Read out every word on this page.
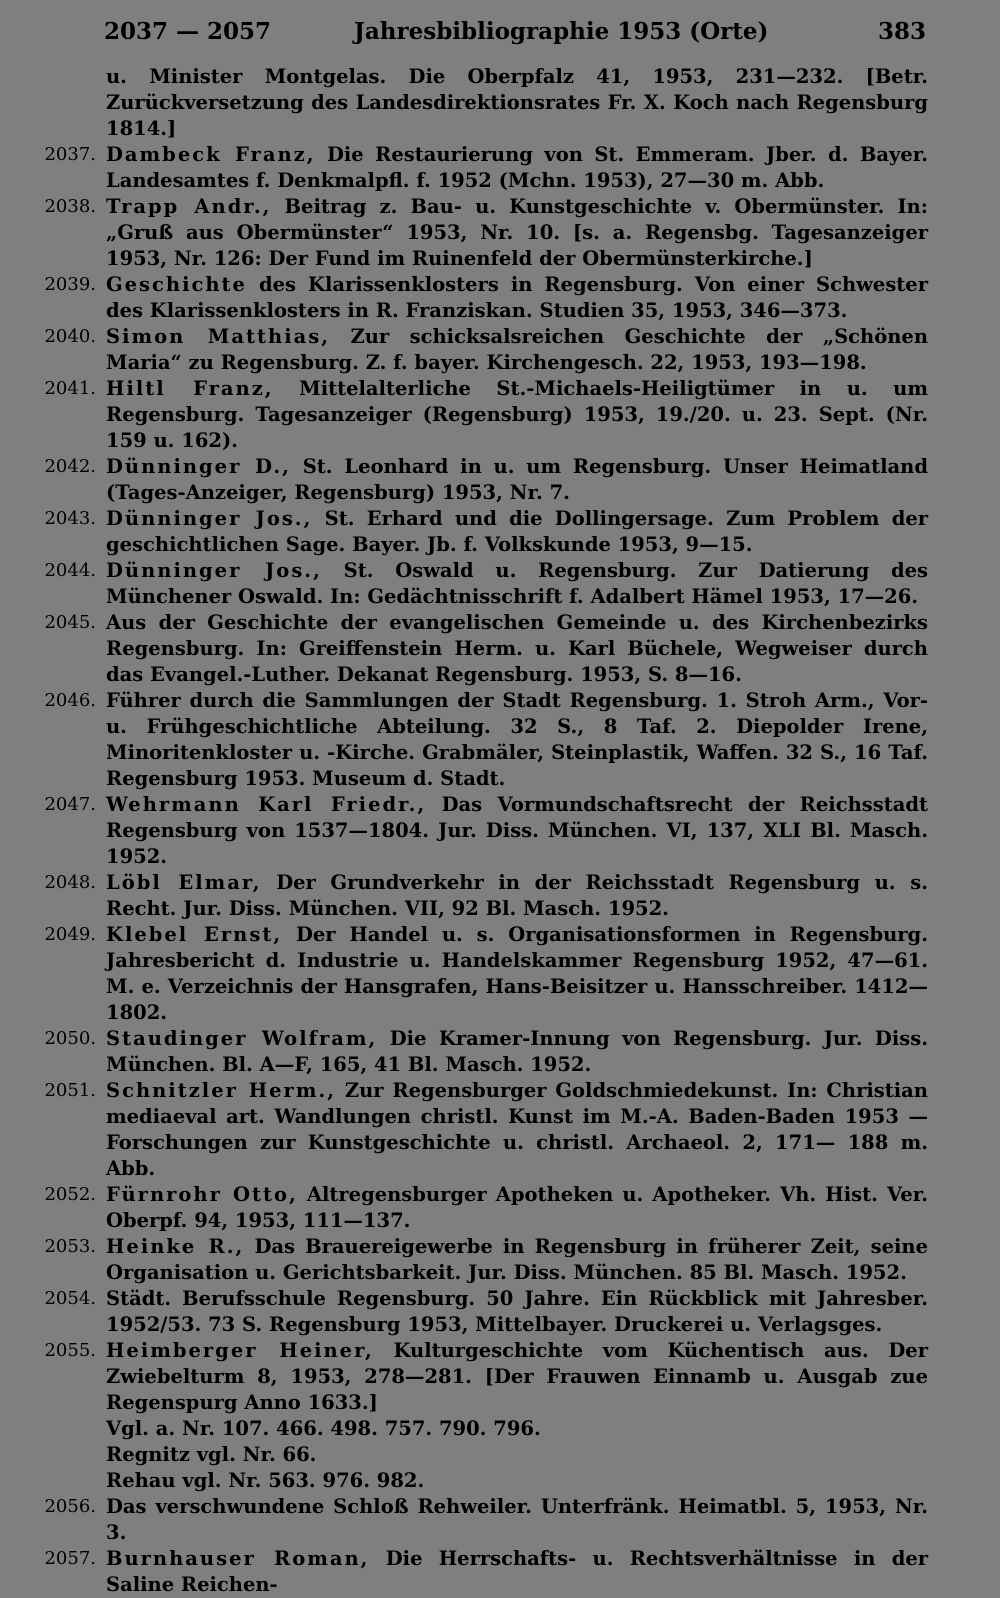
2037 — 2057	Jahresbibliographie 1953 (Orte)	383
u. Minister Montgelas. Die Oberpfalz 41, 1953, 231—232. [Betr. Zurückversetzung des Landesdirektionsrates Fr. X. Koch nach Regensburg 1814.]
2037. Dambeck Franz, Die Restaurierung von St. Emmeram. Jber. d. Bayer. Landesamtes f. Denkmalpfl. f. 1952 (Mchn. 1953), 27—30 m. Abb.
2038. Trapp Andr., Beitrag z. Bau- u. Kunstgeschichte v. Obermünster. In: „Gruß aus Obermünster“ 1953, Nr. 10. [s. a. Regensbg. Tagesanzeiger 1953, Nr. 126: Der Fund im Ruinenfeld der Obermünsterkirche.]
2039. Geschichte des Klarissenklosters in Regensburg. Von einer Schwester des Klarissenklosters in R. Franziskan. Studien 35, 1953, 346—373.
2040. Simon Matthias, Zur schicksalsreichen Geschichte der „Schönen Maria“ zu Regensburg. Z. f. bayer. Kirchengesch. 22, 1953, 193—198.
2041. Hiltl Franz, Mittelalterliche St.-Michaels-Heiligtümer in u. um Regensburg. Tagesanzeiger (Regensburg) 1953, 19./20. u. 23. Sept. (Nr. 159 u. 162).
2042. Dünninger D., St. Leonhard in u. um Regensburg. Unser Heimatland (Tages-Anzeiger, Regensburg) 1953, Nr. 7.
2043. Dünninger Jos., St. Erhard und die Dollingersage. Zum Problem der geschichtlichen Sage. Bayer. Jb. f. Volkskunde 1953, 9—15.
2044. Dünninger Jos., St. Oswald u. Regensburg. Zur Datierung des Münchener Oswald. In: Gedächtnisschrift f. Adalbert Hämel 1953, 17—26.
2045. Aus der Geschichte der evangelischen Gemeinde u. des Kirchenbezirks Regensburg. In: Greiffenstein Herm. u. Karl Büchele, Wegweiser durch das Evangel.-Luther. Dekanat Regensburg. 1953, S. 8—16.
2046. Führer durch die Sammlungen der Stadt Regensburg. 1. Stroh Arm., Vor- u. Frühgeschichtliche Abteilung. 32 S., 8 Taf. 2. Diepolder Irene, Minoritenkloster u. -Kirche. Grabmäler, Steinplastik, Waffen. 32 S., 16 Taf. Regensburg 1953. Museum d. Stadt.
2047. Wehrmann Karl Friedr., Das Vormundschaftsrecht der Reichsstadt Regensburg von 1537—1804. Jur. Diss. München. VI, 137, XLI Bl. Masch. 1952.
2048. Löbl Elmar, Der Grundverkehr in der Reichsstadt Regensburg u. s. Recht. Jur. Diss. München. VII, 92 Bl. Masch. 1952.
2049. Klebel Ernst, Der Handel u. s. Organisationsformen in Regensburg. Jahresbericht d. Industrie u. Handelskammer Regensburg 1952, 47—61. M. e. Verzeichnis der Hansgrafen, Hans-Beisitzer u. Hansschreiber. 1412—1802.
2050. Staudinger Wolfram, Die Kramer-Innung von Regensburg. Jur. Diss. München. Bl. A—F, 165, 41 Bl. Masch. 1952.
2051. Schnitzler Herm., Zur Regensburger Goldschmiedekunst. In: Christian mediaeval art. Wandlungen christl. Kunst im M.-A. Baden-Baden 1953 — Forschungen zur Kunstgeschichte u. christl. Archaeol. 2, 171— 188 m. Abb.
2052. Fürnrohr Otto, Altregensburger Apotheken u. Apotheker. Vh. Hist. Ver. Oberpf. 94, 1953, 111—137.
2053. Heinke R., Das Brauereigewerbe in Regensburg in früherer Zeit, seine Organisation u. Gerichtsbarkeit. Jur. Diss. München. 85 Bl. Masch. 1952.
2054. Städt. Berufsschule Regensburg. 50 Jahre. Ein Rückblick mit Jahresber. 1952/53. 73 S. Regensburg 1953, Mittelbayer. Druckerei u. Verlagsges.
2055. Heimberger Heiner, Kulturgeschichte vom Küchentisch aus. Der Zwiebelturm 8, 1953, 278—281. [Der Frauwen Einnamb u. Ausgab zue Regenspurg Anno 1633.]
Vgl. a. Nr. 107. 466. 498. 757. 790. 796.
Regnitz vgl. Nr. 66.
Rehau vgl. Nr. 563. 976. 982.
2056. Das verschwundene Schloß Rehweiler. Unterfränk. Heimatbl. 5, 1953, Nr. 3.
2057. Burnhauser Roman, Die Herrschafts- u. Rechtsverhältnisse in der Saline Reichen-
